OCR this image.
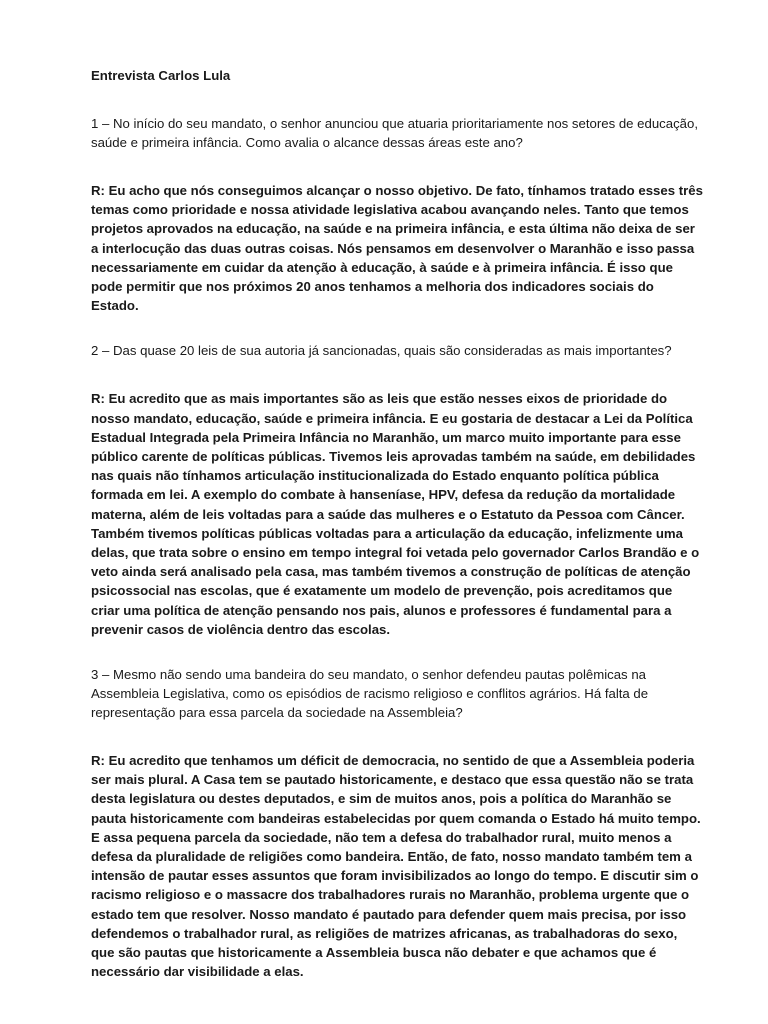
Entrevista Carlos Lula

1 – No início do seu mandato, o senhor anunciou que atuaria prioritariamente nos setores de educação, saúde e primeira infância. Como avalia o alcance dessas áreas este ano?

R: Eu acho que nós conseguimos alcançar o nosso objetivo. De fato, tínhamos tratado esses três temas como prioridade e nossa atividade legislativa acabou avançando neles. Tanto que temos projetos aprovados na educação, na saúde e na primeira infância, e esta última não deixa de ser a interlocução das duas outras coisas. Nós pensamos em desenvolver o Maranhão e isso passa necessariamente em cuidar da atenção à educação, à saúde e à primeira infância. É isso que pode permitir que nos próximos 20 anos tenhamos a melhoria dos indicadores sociais do Estado.

2 – Das quase 20 leis de sua autoria já sancionadas, quais são consideradas as mais importantes?

R: Eu acredito que as mais importantes são as leis que estão nesses eixos de prioridade do nosso mandato, educação, saúde e primeira infância. E eu gostaria de destacar a Lei da Política Estadual Integrada pela Primeira Infância no Maranhão, um marco muito importante para esse público carente de políticas públicas. Tivemos leis aprovadas também na saúde, em debilidades nas quais não tínhamos articulação institucionalizada do Estado enquanto política pública formada em lei. A exemplo do combate à hanseníase, HPV, defesa da redução da mortalidade materna, além de leis voltadas para a saúde das mulheres e o Estatuto da Pessoa com Câncer. Também tivemos políticas públicas voltadas para a articulação da educação, infelizmente uma delas, que trata sobre o ensino em tempo integral foi vetada pelo governador Carlos Brandão e o veto ainda será analisado pela casa, mas também tivemos a construção de políticas de atenção psicossocial nas escolas, que é exatamente um modelo de prevenção, pois acreditamos que criar uma política de atenção pensando nos pais, alunos e professores é fundamental para a prevenir casos de violência dentro das escolas.

3 – Mesmo não sendo uma bandeira do seu mandato, o senhor defendeu pautas polêmicas na Assembleia Legislativa, como os episódios de racismo religioso e conflitos agrários. Há falta de representação para essa parcela da sociedade na Assembleia?

R: Eu acredito que tenhamos um déficit de democracia, no sentido de que a Assembleia poderia ser mais plural. A Casa tem se pautado historicamente, e destaco que essa questão não se trata desta legislatura ou destes deputados, e sim de muitos anos, pois a política do Maranhão se pauta historicamente com bandeiras estabelecidas por quem comanda o Estado há muito tempo. E assa pequena parcela da sociedade, não tem a defesa do trabalhador rural, muito menos a defesa da pluralidade de religiões como bandeira. Então, de fato, nosso mandato também tem a intensão de pautar esses assuntos que foram invisibilizados ao longo do tempo. E discutir sim o racismo religioso e o massacre dos trabalhadores rurais no Maranhão, problema urgente que o estado tem que resolver. Nosso mandato é pautado para defender quem mais precisa, por isso defendemos o trabalhador rural, as religiões de matrizes africanas, as trabalhadoras do sexo, que são pautas que historicamente a Assembleia busca não debater e que achamos que é necessário dar visibilidade a elas.
